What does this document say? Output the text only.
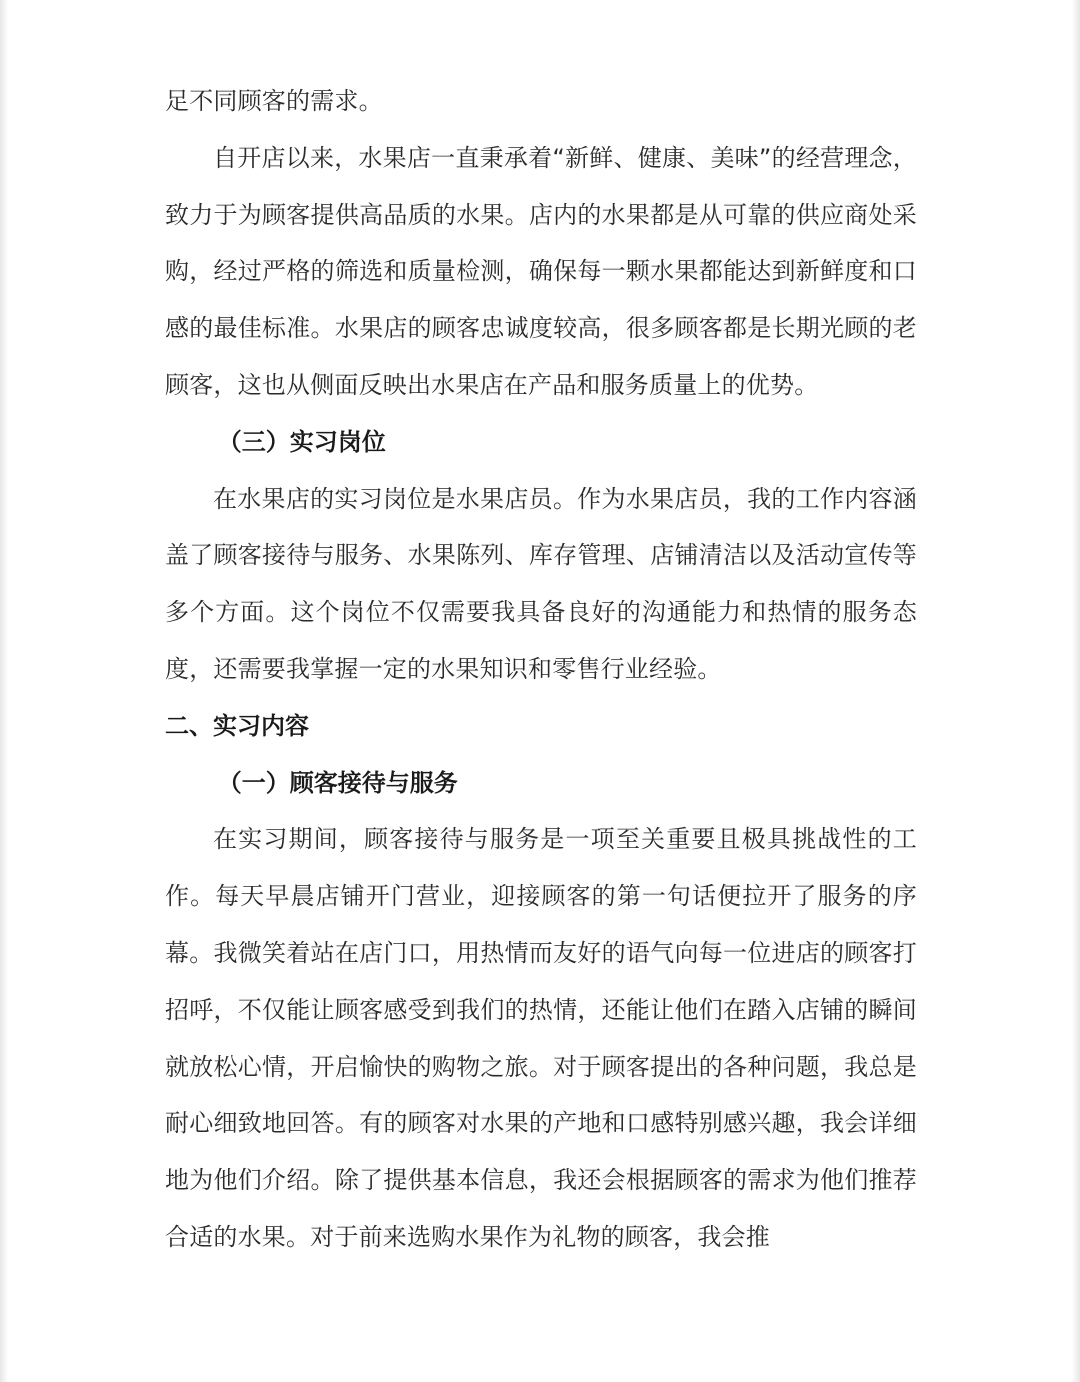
足不同顾客的需求。

自开店以来，水果店一直秉承着“新鲜、健康、美味”的经营理念，致力于为顾客提供高品质的水果。店内的水果都是从可靠的供应商处采购，经过严格的筛选和质量检测，确保每一颗水果都能达到新鲜度和口感的最佳标准。水果店的顾客忠诚度较高，很多顾客都是长期光顾的老顾客，这也从侧面反映出水果店在产品和服务质量上的优势。

（三）实习岗位

在水果店的实习岗位是水果店员。作为水果店员，我的工作内容涵盖了顾客接待与服务、水果陈列、库存管理、店铺清洁以及活动宣传等多个方面。这个岗位不仅需要我具备良好的沟通能力和热情的服务态度，还需要我掌握一定的水果知识和零售行业经验。

二、实习内容
（一）顾客接待与服务

在实习期间，顾客接待与服务是一项至关重要且极具挑战性的工作。每天早晨店铺开门营业，迎接顾客的第一句话便拉开了服务的序幕。我微笑着站在店门口，用热情而友好的语气向每一位进店的顾客打招呼，不仅能让顾客感受到我们的热情，还能让他们在踏入店铺的瞬间就放松心情，开启愉快的购物之旅。对于顾客提出的各种问题，我总是耐心细致地回答。有的顾客对水果的产地和口感特别感兴趣，我会详细地为他们介绍。除了提供基本信息，我还会根据顾客的需求为他们推荐合适的水果。对于前来选购水果作为礼物的顾客，我会推
